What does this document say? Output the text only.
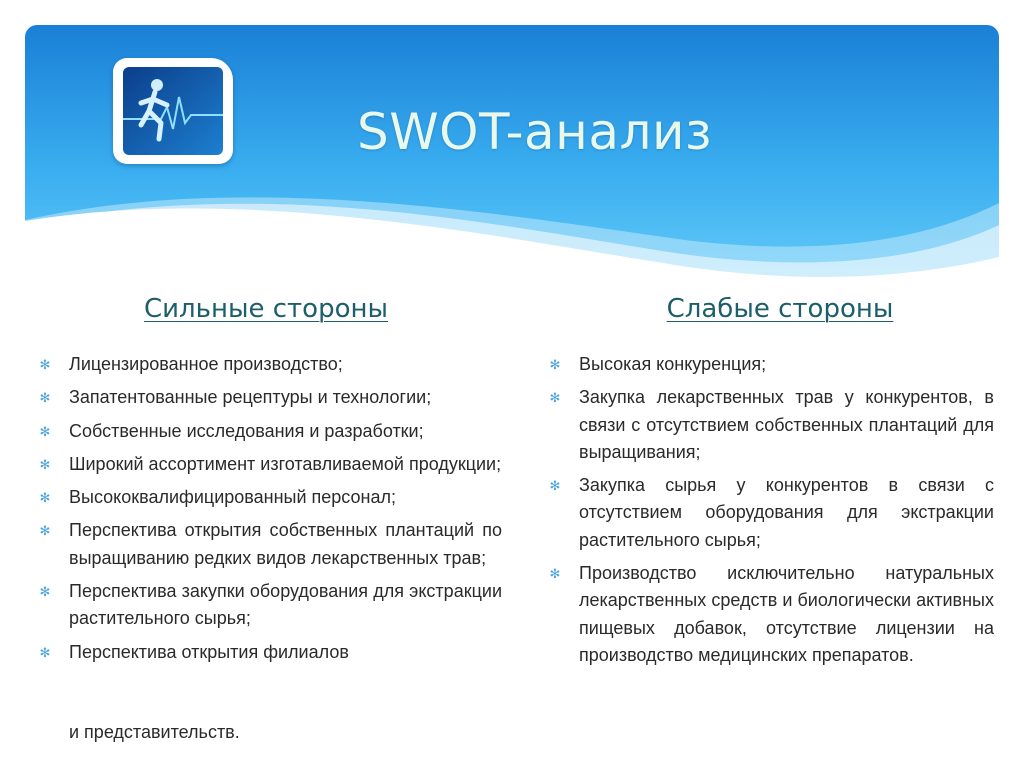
SWOT-анализ
Сильные стороны	Слабые стороны
✻ Лицензированное производство;
✻ Запатентованные рецептуры и технологии;
✻ Собственные исследования и разработки;
✻ Широкий ассортимент изготавливаемой продукции;
✻ Высококвалифицированный персонал;
✻ Перспектива открытия собственных плантаций по выращиванию редких видов лекарственных трав;
✻ Перспектива закупки оборудования для экстракции растительного сырья;
✻ Перспектива открытия филиалов
и представительств.
✻ Высокая конкуренция;
✻ Закупка лекарственных трав у конкурентов, в связи с отсутствием собственных плантаций для выращивания;
✻ Закупка сырья у конкурентов в связи с отсутствием оборудования для экстракции растительного сырья;
✻ Производство исключительно натуральных лекарственных средств и биологически активных пищевых добавок, отсутствие лицензии на производство медицинских препаратов.
